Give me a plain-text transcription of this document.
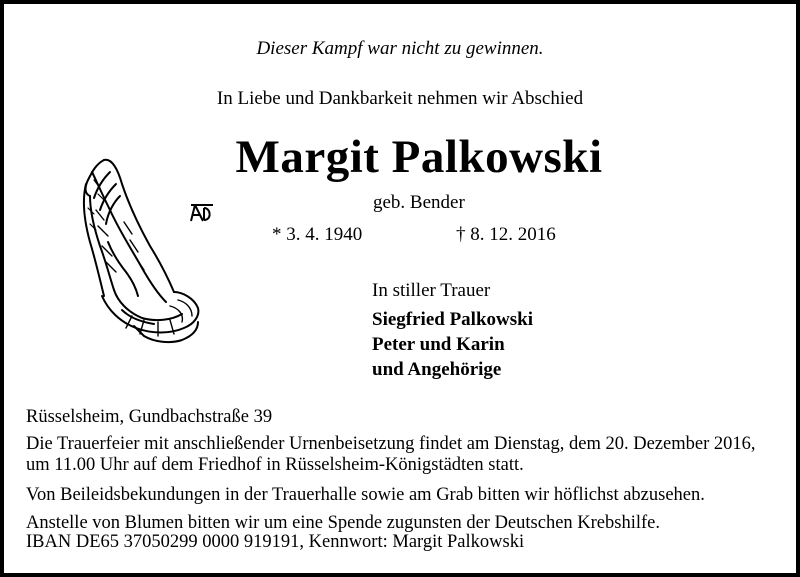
Dieser Kampf war nicht zu gewinnen.
In Liebe und Dankbarkeit nehmen wir Abschied
Margit Palkowski
geb. Bender
* 3. 4. 1940	† 8. 12. 2016
In stiller Trauer
Siegfried Palkowski
Peter und Karin
und Angehörige
Rüsselsheim, Gundbachstraße 39
Die Trauerfeier mit anschließender Urnenbeisetzung findet am Dienstag, dem 20. Dezember 2016,
um 11.00 Uhr auf dem Friedhof in Rüsselsheim-Königstädten statt.
Von Beileidsbekundungen in der Trauerhalle sowie am Grab bitten wir höflichst abzusehen.
Anstelle von Blumen bitten wir um eine Spende zugunsten der Deutschen Krebshilfe.
IBAN DE65 37050299 0000 919191, Kennwort: Margit Palkowski
